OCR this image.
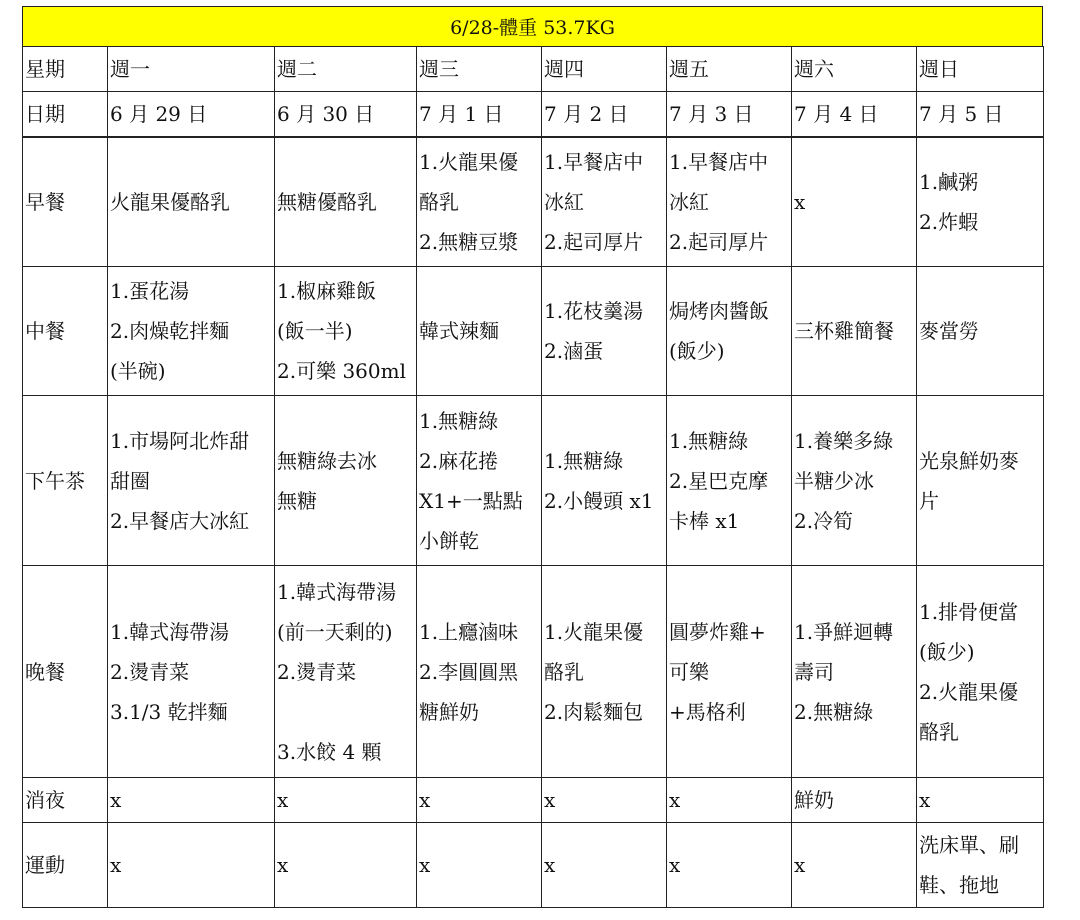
6/28-體重 53.7KG
星期	週一	週二	週三	週四	週五	週六	週日
日期	6 月 29 日	6 月 30 日	7 月 1 日	7 月 2 日	7 月 3 日	7 月 4 日	7 月 5 日
早餐	火龍果優酪乳	無糖優酪乳	1.火龍果優
酪乳
2.無糖豆漿	1.早餐店中
冰紅
2.起司厚片	1.早餐店中
冰紅
2.起司厚片	x	1.鹹粥
2.炸蝦

中餐	1.蛋花湯
2.肉燥乾拌麵
(半碗)	1.椒麻雞飯
(飯一半)
2.可樂 360ml	韓式辣麵	1.花枝羹湯
2.滷蛋	焗烤肉醬飯
(飯少)	三杯雞簡餐	麥當勞

下午茶	1.市場阿北炸甜
甜圈
2.早餐店大冰紅	無糖綠去冰
無糖	1.無糖綠
2.麻花捲
X1+一點點
小餅乾	1.無糖綠
2.小饅頭 x1	1.無糖綠
2.星巴克摩
卡棒 x1	1.養樂多綠
半糖少冰
2.冷筍	光泉鮮奶麥
片

晚餐	1.韓式海帶湯
2.燙青菜
3.1/3 乾拌麵	1.韓式海帶湯
(前一天剩的)
2.燙青菜
3.水餃 4 顆	1.上癮滷味
2.李圓圓黑
糖鮮奶	1.火龍果優
酪乳
2.肉鬆麵包	圓夢炸雞+
可樂
+馬格利	1.爭鮮迴轉
壽司
2.無糖綠	1.排骨便當
(飯少)
2.火龍果優
酪乳

消夜	x	x	x	x	x	鮮奶	x

運動	x	x	x	x	x	x	洗床單、刷
鞋、拖地
